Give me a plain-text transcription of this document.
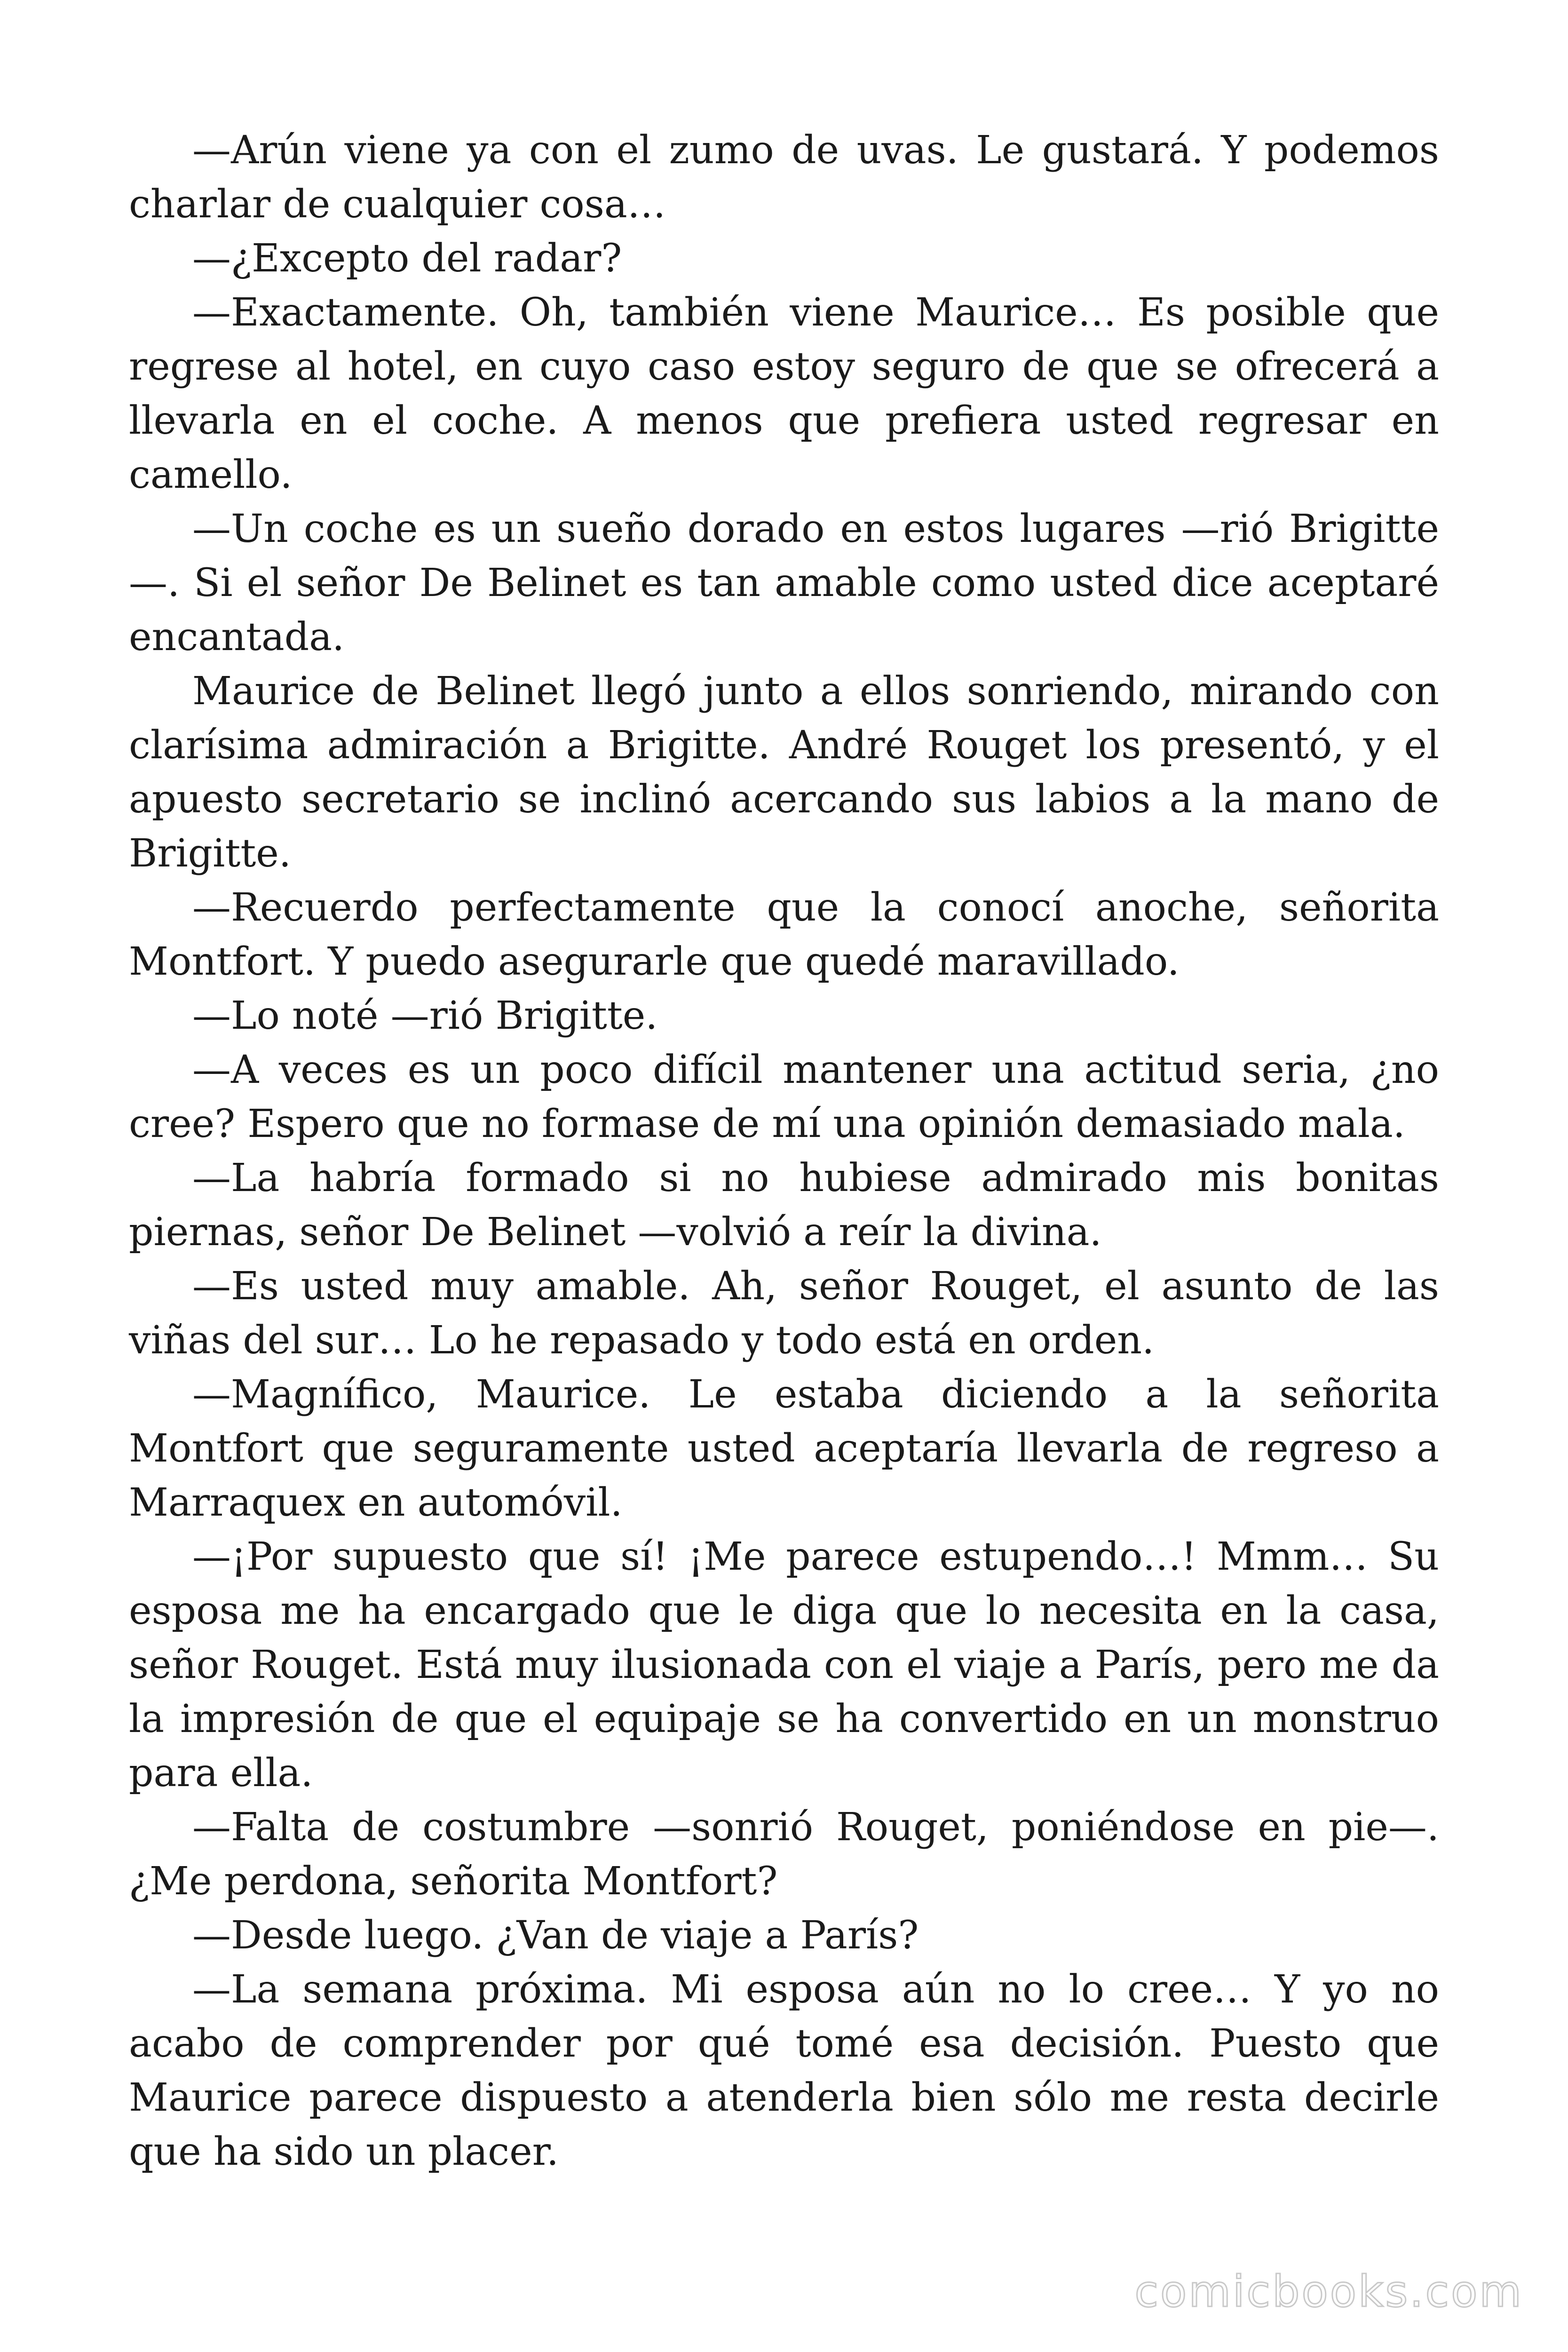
—Arún viene ya con el zumo de uvas. Le gustará. Y podemos charlar de cualquier cosa…

—¿Excepto del radar?

—Exactamente. Oh, también viene Maurice… Es posible que regrese al hotel, en cuyo caso estoy seguro de que se ofrecerá a llevarla en el coche. A menos que prefiera usted regresar en camello.

—Un coche es un sueño dorado en estos lugares —rió Brigitte—. Si el señor De Belinet es tan amable como usted dice aceptaré encantada.

Maurice de Belinet llegó junto a ellos sonriendo, mirando con clarísima admiración a Brigitte. André Rouget los presentó, y el apuesto secretario se inclinó acercando sus labios a la mano de Brigitte.

—Recuerdo perfectamente que la conocí anoche, señorita Montfort. Y puedo asegurarle que quedé maravillado.

—Lo noté —rió Brigitte.

—A veces es un poco difícil mantener una actitud seria, ¿no cree? Espero que no formase de mí una opinión demasiado mala.

—La habría formado si no hubiese admirado mis bonitas piernas, señor De Belinet —volvió a reír la divina.

—Es usted muy amable. Ah, señor Rouget, el asunto de las viñas del sur… Lo he repasado y todo está en orden.

—Magnífico, Maurice. Le estaba diciendo a la señorita Montfort que seguramente usted aceptaría llevarla de regreso a Marraquex en automóvil.

—¡Por supuesto que sí! ¡Me parece estupendo…! Mmm… Su esposa me ha encargado que le diga que lo necesita en la casa, señor Rouget. Está muy ilusionada con el viaje a París, pero me da la impresión de que el equipaje se ha convertido en un monstruo para ella.

—Falta de costumbre —sonrió Rouget, poniéndose en pie—. ¿Me perdona, señorita Montfort?

—Desde luego. ¿Van de viaje a París?

—La semana próxima. Mi esposa aún no lo cree… Y yo no acabo de comprender por qué tomé esa decisión. Puesto que Maurice parece dispuesto a atenderla bien sólo me resta decirle que ha sido un placer.

comicbooks.com
